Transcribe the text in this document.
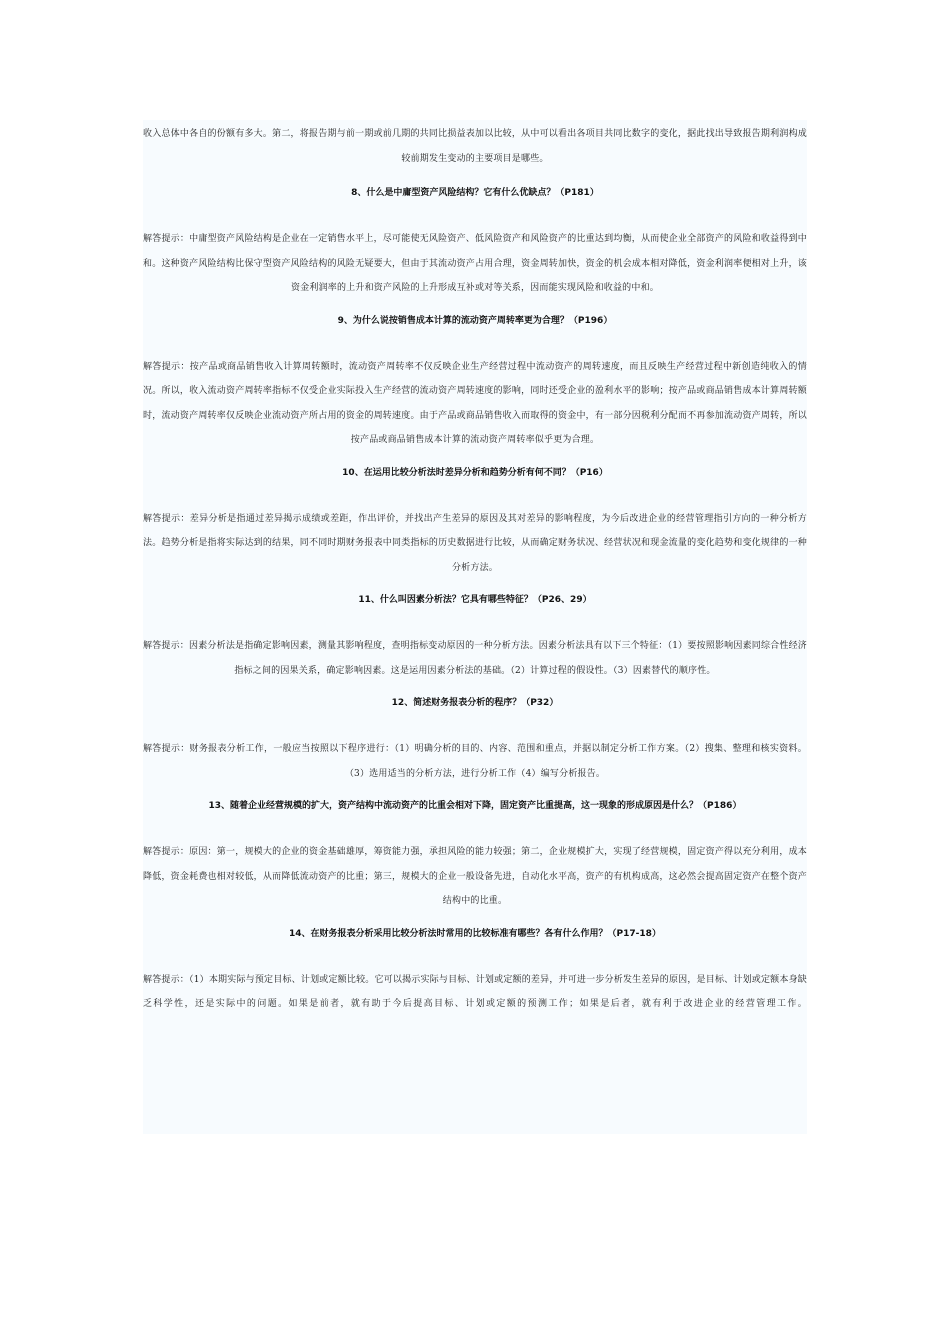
收入总体中各自的份额有多大。第二，将报告期与前一期或前几期的共同比损益表加以比较，从中可以看出各项目共同比数字的变化，据此找出导致报告期利润构成较前期发生变动的主要项目是哪些。

8、什么是中庸型资产风险结构？它有什么优缺点？（P181）

解答提示：中庸型资产风险结构是企业在一定销售水平上，尽可能使无风险资产、低风险资产和风险资产的比重达到均衡，从而使企业全部资产的风险和收益得到中和。这种资产风险结构比保守型资产风险结构的风险无疑要大，但由于其流动资产占用合理，资金周转加快，资金的机会成本相对降低，资金利润率便相对上升，该资金利润率的上升和资产风险的上升形成互补或对等关系，因而能实现风险和收益的中和。

9、为什么说按销售成本计算的流动资产周转率更为合理？（P196）

解答提示：按产品或商品销售收入计算周转额时，流动资产周转率不仅反映企业生产经营过程中流动资产的周转速度，而且反映生产经营过程中新创造纯收入的情况。所以，收入流动资产周转率指标不仅受企业实际投入生产经营的流动资产周转速度的影响，同时还受企业的盈利水平的影响；按产品或商品销售成本计算周转额时，流动资产周转率仅反映企业流动资产所占用的资金的周转速度。由于产品或商品销售收入而取得的资金中，有一部分因税利分配而不再参加流动资产周转，所以按产品或商品销售成本计算的流动资产周转率似乎更为合理。

10、在运用比较分析法时差异分析和趋势分析有何不同？（P16）

解答提示：差异分析是指通过差异揭示成绩或差距，作出评价，并找出产生差异的原因及其对差异的影响程度，为今后改进企业的经营管理指引方向的一种分析方法。趋势分析是指将实际达到的结果，同不同时期财务报表中同类指标的历史数据进行比较，从而确定财务状况、经营状况和现金流量的变化趋势和变化规律的一种分析方法。

11、什么叫因素分析法？它具有哪些特征？（P26、29）

解答提示：因素分析法是指确定影响因素，测量其影响程度，查明指标变动原因的一种分析方法。因素分析法具有以下三个特征：（1）要按照影响因素同综合性经济指标之间的因果关系，确定影响因素。这是运用因素分析法的基础。（2）计算过程的假设性。（3）因素替代的顺序性。

12、简述财务报表分析的程序？（P32）

解答提示：财务报表分析工作，一般应当按照以下程序进行：（1）明确分析的目的、内容、范围和重点，并据以制定分析工作方案。（2）搜集、整理和核实资料。（3）选用适当的分析方法，进行分析工作（4）编写分析报告。

13、随着企业经营规模的扩大，资产结构中流动资产的比重会相对下降，固定资产比重提高，这一现象的形成原因是什么？（P186）

解答提示：原因：第一，规模大的企业的资金基础雄厚，筹资能力强，承担风险的能力较强；第二，企业规模扩大，实现了经营规模，固定资产得以充分利用，成本降低，资金耗费也相对较低，从而降低流动资产的比重；第三，规模大的企业一般设备先进，自动化水平高，资产的有机构成高，这必然会提高固定资产在整个资产结构中的比重。

14、在财务报表分析采用比较分析法时常用的比较标准有哪些？各有什么作用？（P17-18）

解答提示：（1）本期实际与预定目标、计划或定额比较。它可以揭示实际与目标、计划或定额的差异，并可进一步分析发生差异的原因，是目标、计划或定额本身缺乏科学性，还是实际中的问题。如果是前者，就有助于今后提高目标、计划或定额的预测工作；如果是后者，就有利于改进企业的经营管理工作。
